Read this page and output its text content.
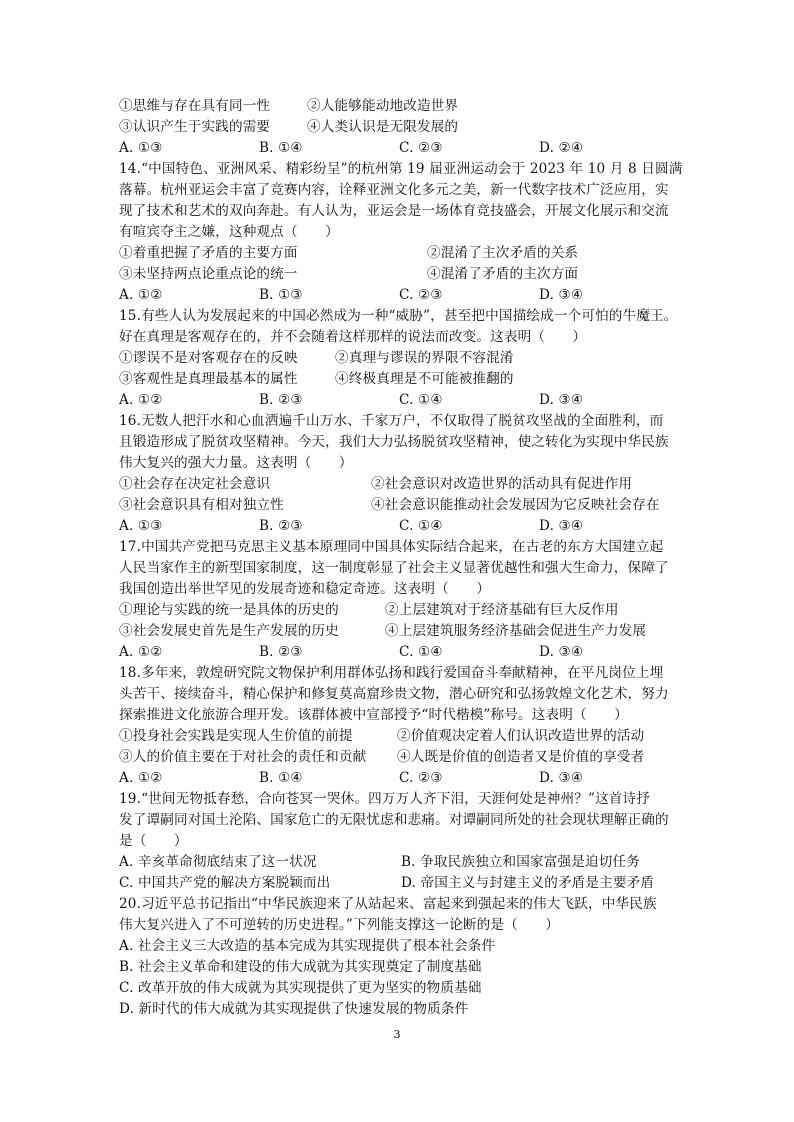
①思维与存在具有同一性	②人能够能动地改造世界
③认识产生于实践的需要	④人类认识是无限发展的
A. ①③	B. ①④	C. ②③	D. ②④
14.“中国特色、亚洲风采、精彩纷呈”的杭州第 19 届亚洲运动会于 2023 年 10 月 8 日圆满
落幕。杭州亚运会丰富了竞赛内容，诠释亚洲文化多元之美，新一代数字技术广泛应用，实
现了技术和艺术的双向奔赴。有人认为，亚运会是一场体育竞技盛会，开展文化展示和交流
有喧宾夺主之嫌，这种观点（　　）
①着重把握了矛盾的主要方面	②混淆了主次矛盾的关系
③未坚持两点论重点论的统一	④混淆了矛盾的主次方面
A. ①②	B. ①③	C. ②③	D. ③④
15.有些人认为发展起来的中国必然成为一种“威胁”，甚至把中国描绘成一个可怕的牛魔王。
好在真理是客观存在的，并不会随着这样那样的说法而改变。这表明（　　）
①谬误不是对客观存在的反映	②真理与谬误的界限不容混淆
③客观性是真理最基本的属性	④终极真理是不可能被推翻的
A. ①②	B. ②③	C. ①④	D. ③④
16.无数人把汗水和心血洒遍千山万水、千家万户，不仅取得了脱贫攻坚战的全面胜利，而
且锻造形成了脱贫攻坚精神。今天，我们大力弘扬脱贫攻坚精神，使之转化为实现中华民族
伟大复兴的强大力量。这表明（　　）
①社会存在决定社会意识	②社会意识对改造世界的活动具有促进作用
③社会意识具有相对独立性	④社会意识能推动社会发展因为它反映社会存在
A. ①③	B. ②③	C. ①④	D. ③④
17.中国共产党把马克思主义基本原理同中国具体实际结合起来，在古老的东方大国建立起
人民当家作主的新型国家制度，这一制度彰显了社会主义显著优越性和强大生命力，保障了
我国创造出举世罕见的发展奇迹和稳定奇迹。这表明（　　）
①理论与实践的统一是具体的历史的	②上层建筑对于经济基础有巨大反作用
③社会发展史首先是生产发展的历史	④上层建筑服务经济基础会促进生产力发展
A. ①②	B. ②③	C. ①④	D. ③④
18.多年来，敦煌研究院文物保护利用群体弘扬和践行爱国奋斗奉献精神，在平凡岗位上埋
头苦干、接续奋斗，精心保护和修复莫高窟珍贵文物，潜心研究和弘扬敦煌文化艺术，努力
探索推进文化旅游合理开发。该群体被中宣部授予“时代楷模”称号。这表明（　　）
①投身社会实践是实现人生价值的前提	②价值观决定着人们认识改造世界的活动
③人的价值主要在于对社会的责任和贡献 ④人既是价值的创造者又是价值的享受者
A. ①②	B. ①④	C. ②③	D. ③④
19.“世间无物抵春愁，合向苍冥一哭休。四万万人齐下泪，天涯何处是神州？”这首诗抒
发了谭嗣同对国土沦陷、国家危亡的无限忧虑和悲痛。对谭嗣同所处的社会现状理解正确的
是（　　）
A. 辛亥革命彻底结束了这一状况	B. 争取民族独立和国家富强是迫切任务
C. 中国共产党的解决方案脱颖而出	D. 帝国主义与封建主义的矛盾是主要矛盾
20.习近平总书记指出“中华民族迎来了从站起来、富起来到强起来的伟大飞跃，中华民族
伟大复兴进入了不可逆转的历史进程。”下列能支撑这一论断的是（　　）
A. 社会主义三大改造的基本完成为其实现提供了根本社会条件
B. 社会主义革命和建设的伟大成就为其实现奠定了制度基础
C. 改革开放的伟大成就为其实现提供了更为坚实的物质基础
D. 新时代的伟大成就为其实现提供了快速发展的物质条件
3
